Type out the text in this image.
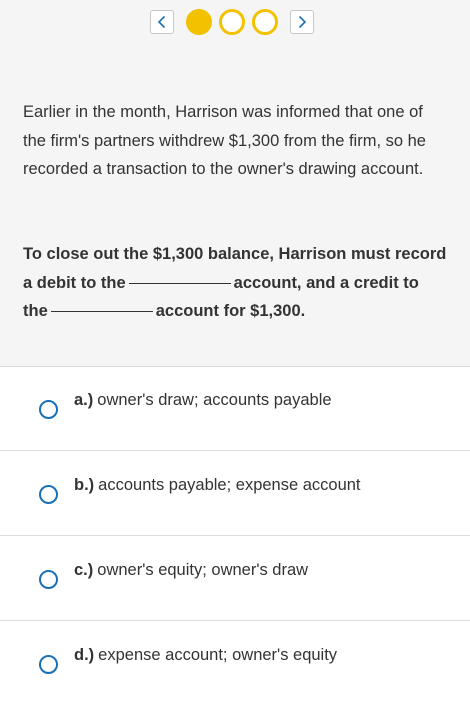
Earlier in the month, Harrison was informed that one of the firm's partners withdrew $1,300 from the firm, so he recorded a transaction to the owner's drawing account.

To close out the $1,300 balance, Harrison must record a debit to the	account, and a credit to the	account for $1,300.

a.) owner's draw; accounts payable
b.) accounts payable; expense account
c.) owner's equity; owner's draw
d.) expense account; owner's equity
